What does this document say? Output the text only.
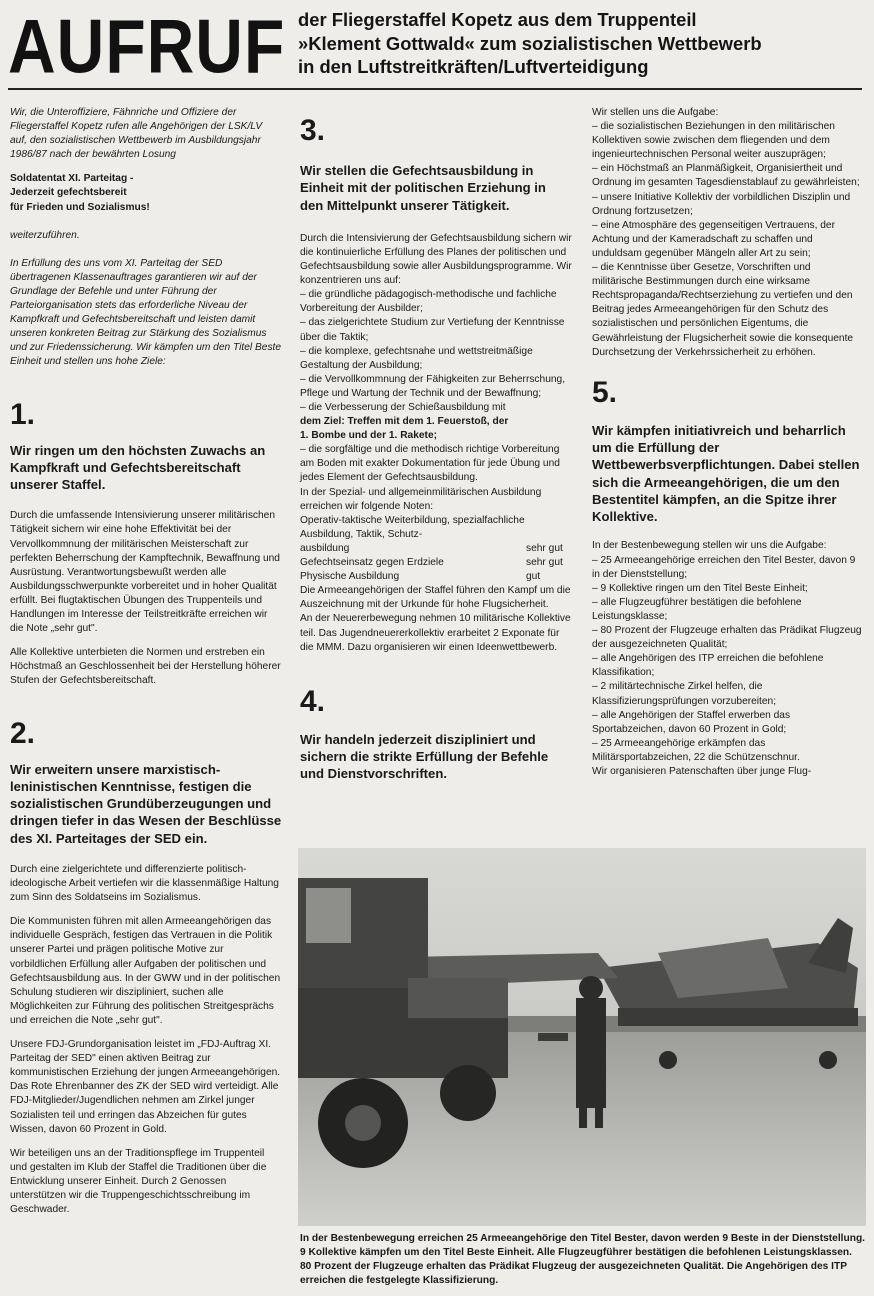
AUFRUF der Fliegerstaffel Kopetz aus dem Truppenteil
»Klement Gottwald« zum sozialistischen Wettbewerb
in den Luftstreitkräften/Luftverteidigung

Wir, die Unteroffiziere, Fähnriche und Offiziere der Fliegerstaffel Kopetz rufen alle Angehörigen der LSK/LV auf, den sozialistischen Wettbewerb im Ausbildungsjahr 1986/87 nach der bewährten Losung

Soldatentat XI. Parteitag -
Jederzeit gefechtsbereit
für Frieden und Sozialismus!

weiterzuführen.

In Erfüllung des uns vom XI. Parteitag der SED übertragenen Klassenauftrages garantieren wir auf der Grundlage der Befehle und unter Führung der Parteiorganisation stets das erforderliche Niveau der Kampfkraft und Gefechtsbereitschaft und leisten damit unseren konkreten Beitrag zur Stärkung des Sozialismus und zur Friedenssicherung. Wir kämpfen um den Titel Beste Einheit und stellen uns hohe Ziele:

1.

Wir ringen um den höchsten Zuwachs an Kampfkraft und Gefechtsbereitschaft unserer Staffel.

Durch die umfassende Intensivierung unserer militärischen Tätigkeit sichern wir eine hohe Effektivität bei der Vervollkommnung der militärischen Meisterschaft zur perfekten Beherrschung der Kampftechnik, Bewaffnung und Ausrüstung. Verantwortungsbewußt werden alle Ausbildungsschwerpunkte vorbereitet und in hoher Qualität erfüllt. Bei flugtaktischen Übungen des Truppenteils und Handlungen im Interesse der Teilstreitkräfte erreichen wir die Note „sehr gut".

Alle Kollektive unterbieten die Normen und erstreben ein Höchstmaß an Geschlossenheit bei der Herstellung höherer Stufen der Gefechtsbereitschaft.

2.

Wir erweitern unsere marxistisch-leninistischen Kenntnisse, festigen die sozialistischen Grundüberzeugungen und dringen tiefer in das Wesen der Beschlüsse des XI. Parteitages der SED ein.

Durch eine zielgerichtete und differenzierte politisch-ideologische Arbeit vertiefen wir die klassenmäßige Haltung zum Sinn des Soldatseins im Sozialismus.

Die Kommunisten führen mit allen Armeeangehörigen das individuelle Gespräch, festigen das Vertrauen in die Politik unserer Partei und prägen politische Motive zur vorbildlichen Erfüllung aller Aufgaben der politischen und Gefechtsausbildung aus. In der GWW und in der politischen Schulung studieren wir diszipliniert, suchen alle Möglichkeiten zur Führung des politischen Streitgesprächs und erreichen die Note „sehr gut".

Unsere FDJ-Grundorganisation leistet im „FDJ-Auftrag XI. Parteitag der SED" einen aktiven Beitrag zur kommunistischen Erziehung der jungen Armeeangehörigen. Das Rote Ehrenbanner des ZK der SED wird verteidigt. Alle FDJ-Mitglieder/Jugendlichen nehmen am Zirkel junger Sozialisten teil und erringen das Abzeichen für gutes Wissen, davon 60 Prozent in Gold.

Wir beteiligen uns an der Traditionspflege im Truppenteil und gestalten im Klub der Staffel die Traditionen über die Entwicklung unserer Einheit. Durch 2 Genossen unterstützen wir die Truppengeschichtsschreibung im Geschwader.

3.

Wir stellen die Gefechtsausbildung in Einheit mit der politischen Erziehung in den Mittelpunkt unserer Tätigkeit.

Durch die Intensivierung der Gefechtsausbildung sichern wir die kontinuierliche Erfüllung des Planes der politischen und Gefechtsausbildung sowie aller Ausbildungsprogramme. Wir konzentrieren uns auf:

– die gründliche pädagogisch-methodische und fachliche Vorbereitung der Ausbilder;

– das zielgerichtete Studium zur Vertiefung der Kenntnisse über die Taktik;

– die komplexe, gefechtsnahe und wettstreitmäßige Gestaltung der Ausbildung;

– die Vervollkommnung der Fähigkeiten zur Beherrschung, Pflege und Wartung der Technik und der Bewaffnung;

– die Verbesserung der Schießausbildung mit
dem Ziel: Treffen mit dem 1. Feuerstoß, der
1. Bombe und der 1. Rakete;

– die sorgfältige und die methodisch richtige Vorbereitung am Boden mit exakter Dokumentation für jede Übung und jedes Element der Gefechtsausbildung.

In der Spezial- und allgemeinmilitärischen Ausbildung erreichen wir folgende Noten:

Operativ-taktische Weiterbildung, spezialfachliche Ausbildung, Taktik, Schutz-

ausbildung	sehr gut
Gefechtseinsatz gegen Erdziele	sehr gut
Physische Ausbildung	gut

Die Armeeangehörigen der Staffel führen den Kampf um die Auszeichnung mit der Urkunde für hohe Flugsicherheit.

An der Neuererbewegung nehmen 10 militärische Kollektive teil. Das Jugendneuererkollektiv erarbeitet 2 Exponate für die MMM. Dazu organisieren wir einen Ideenwettbewerb.

4.

Wir handeln jederzeit diszipliniert und sichern die strikte Erfüllung der Befehle und Dienstvorschriften.

Wir stellen uns die Aufgabe:

– die sozialistischen Beziehungen in den militärischen Kollektiven sowie zwischen dem fliegenden und dem ingenieurtechnischen Personal weiter auszuprägen;

– ein Höchstmaß an Planmäßigkeit, Organisiertheit und Ordnung im gesamten Tagesdienstablauf zu gewährleisten;

– unsere Initiative Kollektiv der vorbildlichen Disziplin und Ordnung fortzusetzen;

– eine Atmosphäre des gegenseitigen Vertrauens, der Achtung und der Kameradschaft zu schaffen und unduldsam gegenüber Mängeln aller Art zu sein;

– die Kenntnisse über Gesetze, Vorschriften und militärische Bestimmungen durch eine wirksame Rechtspropaganda/Rechtserziehung zu vertiefen und den Beitrag jedes Armeeangehörigen für den Schutz des sozialistischen und persönlichen Eigentums, die Gewährleistung der Flugsicherheit sowie die konsequente Durchsetzung der Verkehrssicherheit zu erhöhen.

5.

Wir kämpfen initiativreich und beharrlich um die Erfüllung der Wettbewerbsverpflichtungen. Dabei stellen sich die Armeeangehörigen, die um den Bestentitel kämpfen, an die Spitze ihrer Kollektive.

In der Bestenbewegung stellen wir uns die Aufgabe:

– 25 Armeeangehörige erreichen den Titel Bester, davon 9 in der Dienststellung;

– 9 Kollektive ringen um den Titel Beste Einheit;

– alle Flugzeugführer bestätigen die befohlene Leistungsklasse;

– 80 Prozent der Flugzeuge erhalten das Prädikat Flugzeug der ausgezeichneten Qualität;

– alle Angehörigen des ITP erreichen die befohlene Klassifikation;

– 2 militärtechnische Zirkel helfen, die Klassifizierungsprüfungen vorzubereiten;

– alle Angehörigen der Staffel erwerben das Sportabzeichen, davon 60 Prozent in Gold;

– 25 Armeeangehörige erkämpfen das Militärsportabzeichen, 22 die Schützenschnur.

Wir organisieren Patenschaften über junge Flug-

In der Bestenbewegung erreichen 25 Armeeangehörige den Titel Bester, davon werden 9 Beste in der Dienststellung. 9 Kollektive kämpfen um den Titel Beste Einheit. Alle Flugzeugführer bestätigen die befohlenen Leistungsklassen. 80 Prozent der Flugzeuge erhalten das Prädikat Flugzeug der ausgezeichneten Qualität. Die Angehörigen des ITP erreichen die festgelegte Klassifizierung.
